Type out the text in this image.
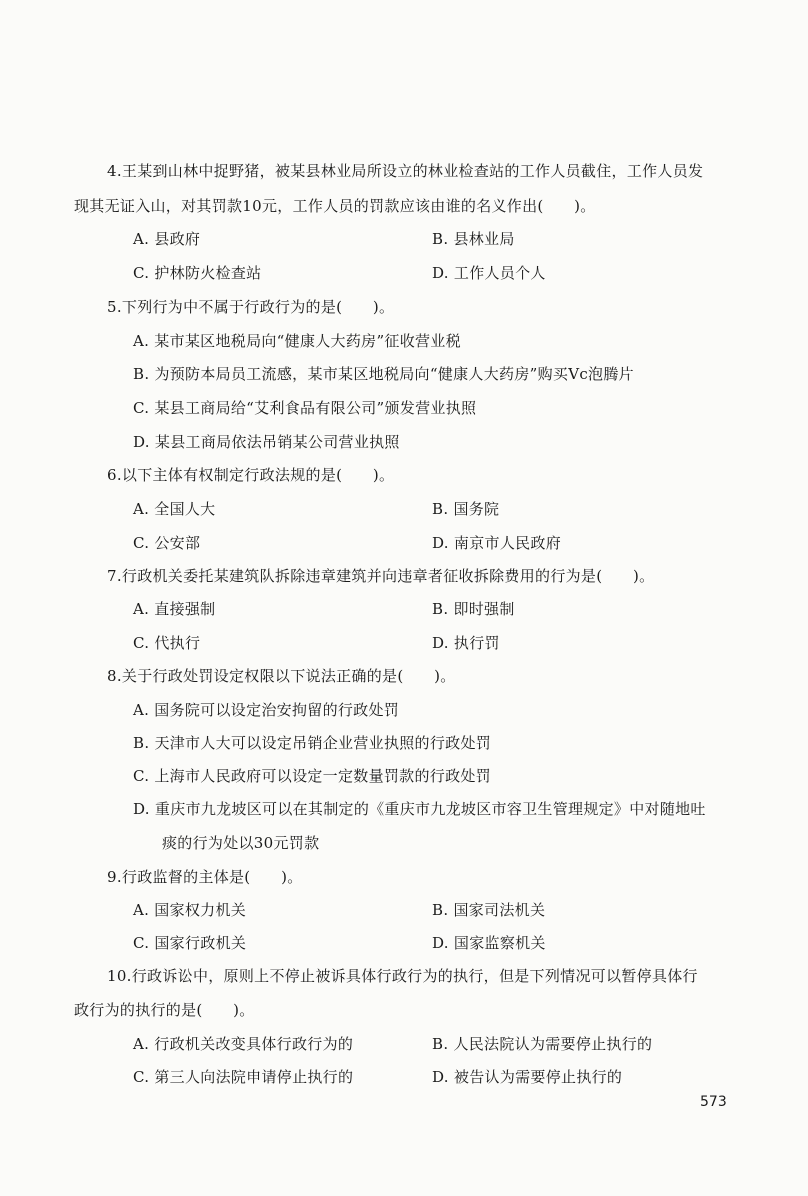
4.王某到山林中捉野猪，被某县林业局所设立的林业检查站的工作人员截住，工作人员发
现其无证入山，对其罚款10元，工作人员的罚款应该由谁的名义作出(　　)。
A. 县政府	B. 县林业局
C. 护林防火检查站	D. 工作人员个人
5.下列行为中不属于行政行为的是(　　)。
A. 某市某区地税局向“健康人大药房”征收营业税
B. 为预防本局员工流感，某市某区地税局向“健康人大药房”购买Vc泡腾片
C. 某县工商局给“艾利食品有限公司”颁发营业执照
D. 某县工商局依法吊销某公司营业执照
6.以下主体有权制定行政法规的是(　　)。
A. 全国人大	B. 国务院
C. 公安部	D. 南京市人民政府
7.行政机关委托某建筑队拆除违章建筑并向违章者征收拆除费用的行为是(　　)。
A. 直接强制	B. 即时强制
C. 代执行	D. 执行罚
8.关于行政处罚设定权限以下说法正确的是(　　)。
A. 国务院可以设定治安拘留的行政处罚
B. 天津市人大可以设定吊销企业营业执照的行政处罚
C. 上海市人民政府可以设定一定数量罚款的行政处罚
D. 重庆市九龙坡区可以在其制定的《重庆市九龙坡区市容卫生管理规定》中对随地吐
痰的行为处以30元罚款
9.行政监督的主体是(　　)。
A. 国家权力机关	B. 国家司法机关
C. 国家行政机关	D. 国家监察机关
10.行政诉讼中，原则上不停止被诉具体行政行为的执行，但是下列情况可以暂停具体行
政行为的执行的是(　　)。
A. 行政机关改变具体行政行为的	B. 人民法院认为需要停止执行的
C. 第三人向法院申请停止执行的	D. 被告认为需要停止执行的
573
